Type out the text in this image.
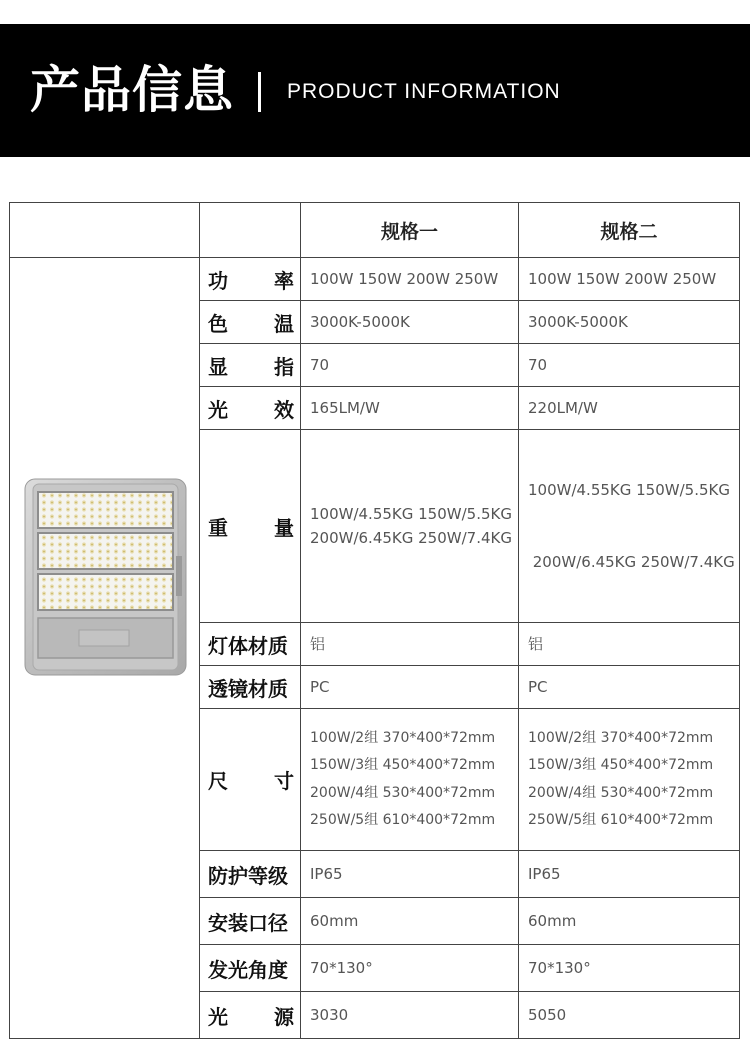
产品信息	PRODUCT INFORMATION
		规格一	规格二

	功率	100W 150W 200W 250W	100W 150W 200W 250W

	色温	3000K-5000K	3000K-5000K

	显指	70	70

	光效	165LM/W	220LM/W

	重量	100W/4.55KG 150W/5.5KG
200W/6.45KG 250W/7.4KG	100W/4.55KG 150W/5.5KG

200W/6.45KG 250W/7.4KG

	灯体材质	铝	铝

	透镜材质	PC	PC

	尺寸	100W/2组 370*400*72mm
150W/3组 450*400*72mm
200W/4组 530*400*72mm
250W/5组 610*400*72mm	100W/2组 370*400*72mm
150W/3组 450*400*72mm
200W/4组 530*400*72mm
250W/5组 610*400*72mm

	防护等级	IP65	IP65

	安装口径	60mm	60mm

	发光角度	70*130°	70*130°

	光源	3030	5050
